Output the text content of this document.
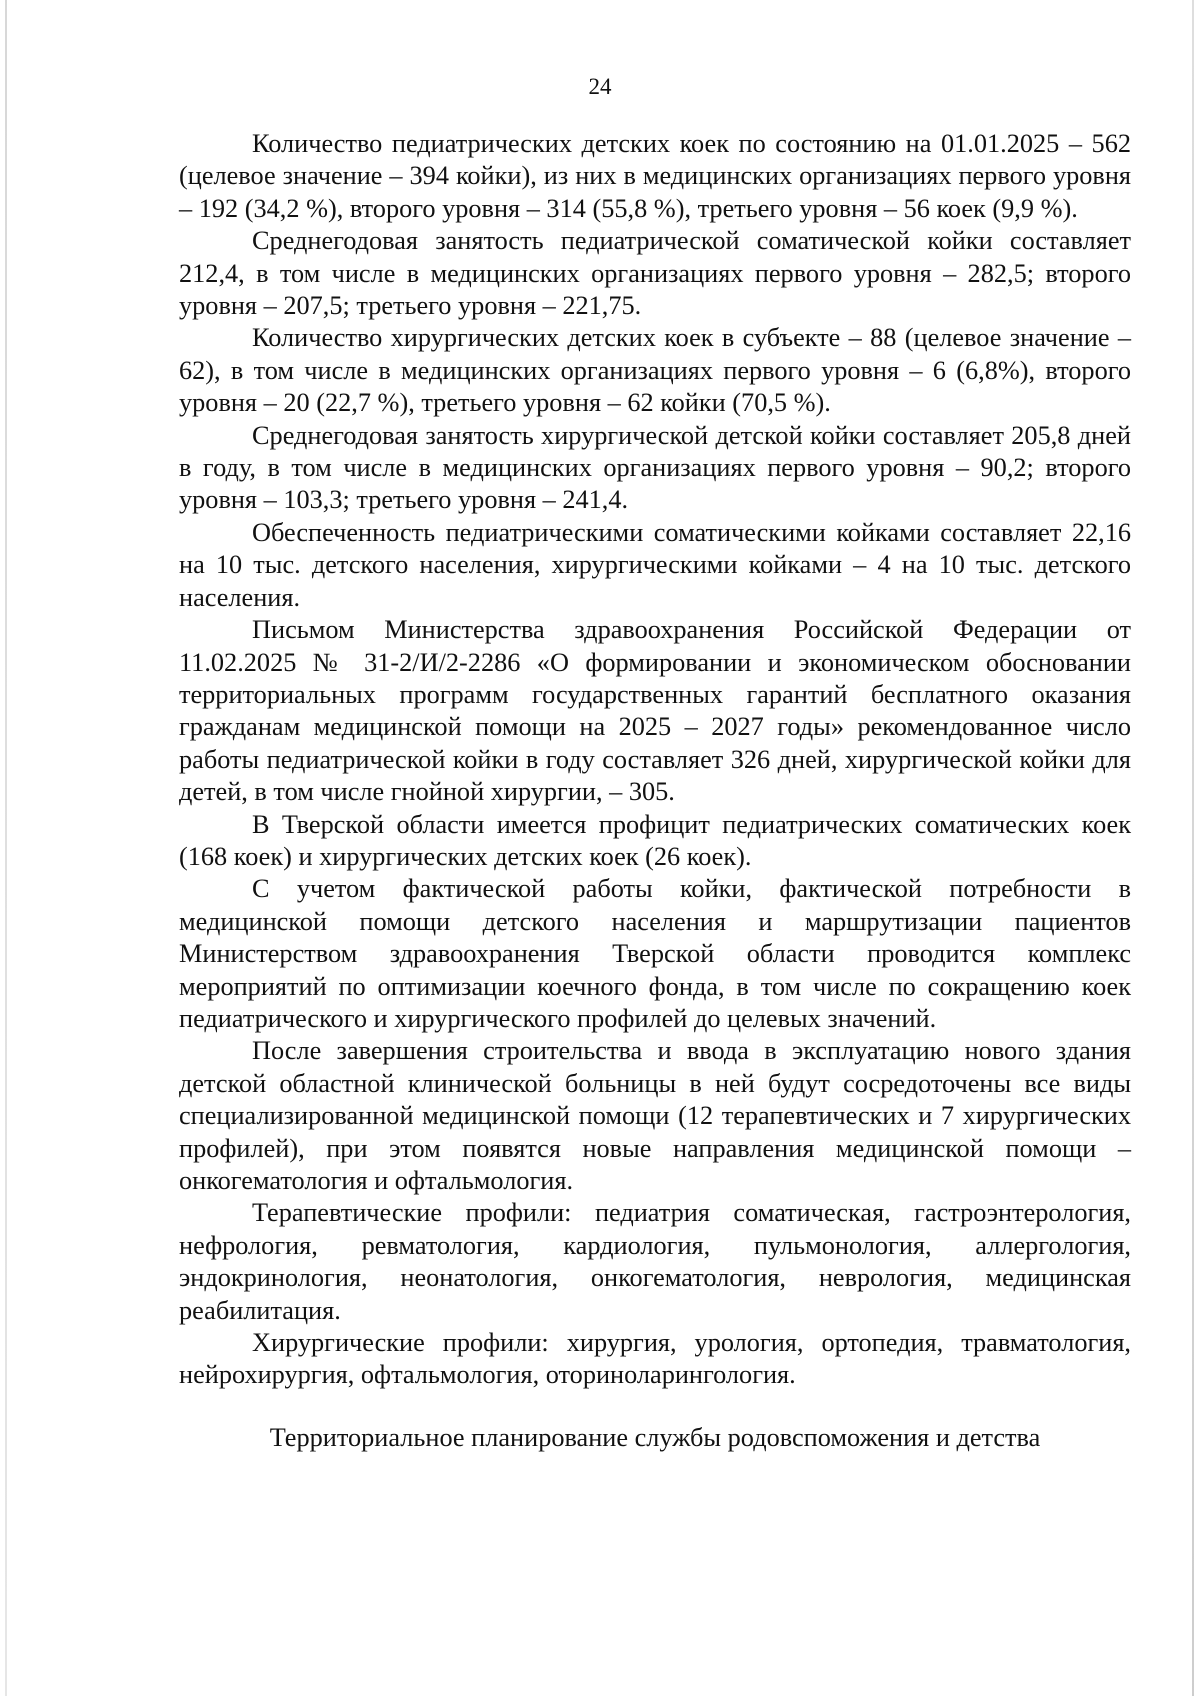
24

Количество педиатрических детских коек по состоянию на 01.01.2025 – 562 (целевое значение – 394 койки), из них в медицинских организациях первого уровня – 192 (34,2 %), второго уровня – 314 (55,8 %), третьего уровня – 56 коек (9,9 %).

Среднегодовая занятость педиатрической соматической койки составляет 212,4, в том числе в медицинских организациях первого уровня – 282,5; второго уровня – 207,5; третьего уровня – 221,75.

Количество хирургических детских коек в субъекте – 88 (целевое значение – 62), в том числе в медицинских организациях первого уровня – 6 (6,8%), второго уровня – 20 (22,7 %), третьего уровня – 62 койки (70,5 %).

Среднегодовая занятость хирургической детской койки составляет 205,8 дней в году, в том числе в медицинских организациях первого уровня – 90,2; второго уровня – 103,3; третьего уровня – 241,4.

Обеспеченность педиатрическими соматическими койками составляет 22,16 на 10 тыс. детского населения, хирургическими койками – 4 на 10 тыс. детского населения.

Письмом Министерства здравоохранения Российской Федерации от 11.02.2025 № 31-2/И/2-2286 «О формировании и экономическом обосновании территориальных программ государственных гарантий бесплатного оказания гражданам медицинской помощи на 2025 – 2027 годы» рекомендованное число работы педиатрической койки в году составляет 326 дней, хирургической койки для детей, в том числе гнойной хирургии, – 305.

В Тверской области имеется профицит педиатрических соматических коек (168 коек) и хирургических детских коек (26 коек).

С учетом фактической работы койки, фактической потребности в медицинской помощи детского населения и маршрутизации пациентов Министерством здравоохранения Тверской области проводится комплекс мероприятий по оптимизации коечного фонда, в том числе по сокращению коек педиатрического и хирургического профилей до целевых значений.

После завершения строительства и ввода в эксплуатацию нового здания детской областной клинической больницы в ней будут сосредоточены все виды специализированной медицинской помощи (12 терапевтических и 7 хирургических профилей), при этом появятся новые направления медицинской помощи – онкогематология и офтальмология.

Терапевтические профили: педиатрия соматическая, гастроэнтерология, нефрология, ревматология, кардиология, пульмонология, аллергология, эндокринология, неонатология, онкогематология, неврология, медицинская реабилитация.

Хирургические профили: хирургия, урология, ортопедия, травматология, нейрохирургия, офтальмология, оториноларингология.

Территориальное планирование службы родовспоможения и детства
